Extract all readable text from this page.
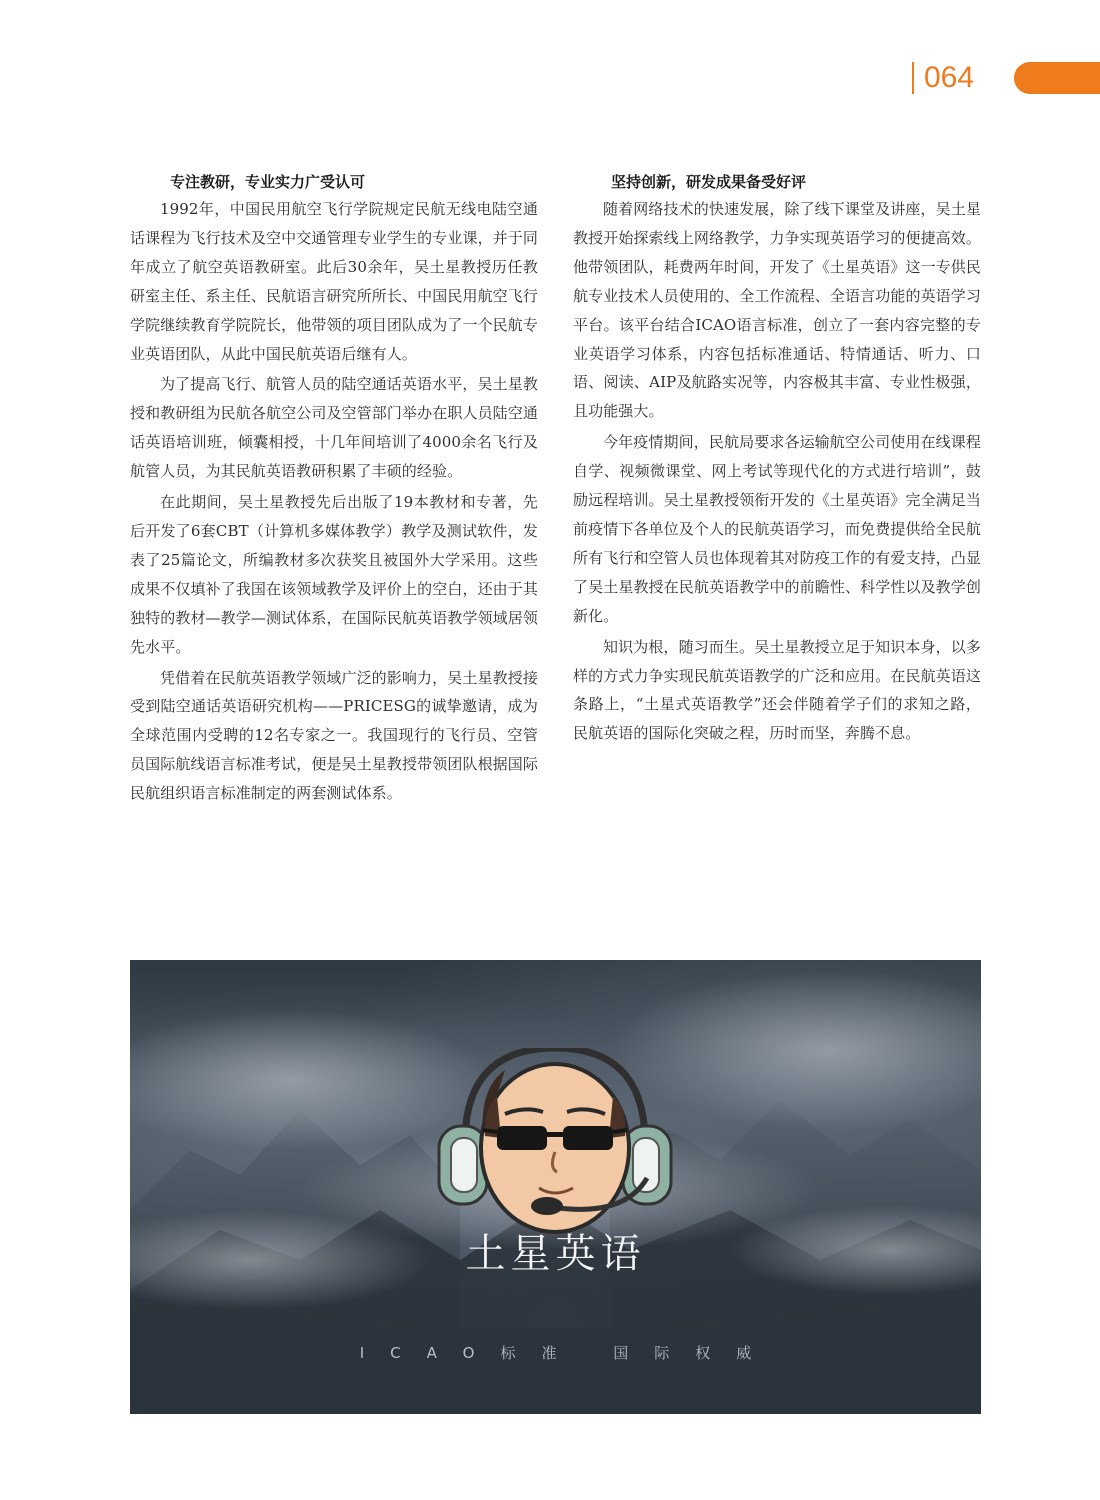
064
专注教研，专业实力广受认可

1992年，中国民用航空飞行学院规定民航无线电陆空通话课程为飞行技术及空中交通管理专业学生的专业课，并于同年成立了航空英语教研室。此后30余年，吴土星教授历任教研室主任、系主任、民航语言研究所所长、中国民用航空飞行学院继续教育学院院长，他带领的项目团队成为了一个民航专业英语团队，从此中国民航英语后继有人。

为了提高飞行、航管人员的陆空通话英语水平，吴土星教授和教研组为民航各航空公司及空管部门举办在职人员陆空通话英语培训班，倾囊相授，十几年间培训了4000余名飞行及航管人员，为其民航英语教研积累了丰硕的经验。

在此期间，吴土星教授先后出版了19本教材和专著，先后开发了6套CBT（计算机多媒体教学）教学及测试软件，发表了25篇论文，所编教材多次获奖且被国外大学采用。这些成果不仅填补了我国在该领域教学及评价上的空白，还由于其独特的教材—教学—测试体系，在国际民航英语教学领域居领先水平。

凭借着在民航英语教学领域广泛的影响力，吴土星教授接受到陆空通话英语研究机构——PRICESG的诚挚邀请，成为全球范围内受聘的12名专家之一。我国现行的飞行员、空管员国际航线语言标准考试，便是吴土星教授带领团队根据国际民航组织语言标准制定的两套测试体系。

坚持创新，研发成果备受好评

随着网络技术的快速发展，除了线下课堂及讲座，吴土星教授开始探索线上网络教学，力争实现英语学习的便捷高效。他带领团队，耗费两年时间，开发了《土星英语》这一专供民航专业技术人员使用的、全工作流程、全语言功能的英语学习平台。该平台结合ICAO语言标准，创立了一套内容完整的专业英语学习体系，内容包括标准通话、特情通话、听力、口语、阅读、AIP及航路实况等，内容极其丰富、专业性极强，且功能强大。

今年疫情期间，民航局要求各运输航空公司使用在线课程自学、视频微课堂、网上考试等现代化的方式进行培训”，鼓励远程培训。吴土星教授领衔开发的《土星英语》完全满足当前疫情下各单位及个人的民航英语学习，而免费提供给全民航所有飞行和空管人员也体现着其对防疫工作的有爱支持，凸显了吴土星教授在民航英语教学中的前瞻性、科学性以及教学创新化。

知识为根，随习而生。吴土星教授立足于知识本身，以多样的方式力争实现民航英语教学的广泛和应用。在民航英语这条路上，“土星式英语教学”还会伴随着学子们的求知之路，民航英语的国际化突破之程，历时而坚，奔腾不息。

土星英语
ICAO标准 国际权威
